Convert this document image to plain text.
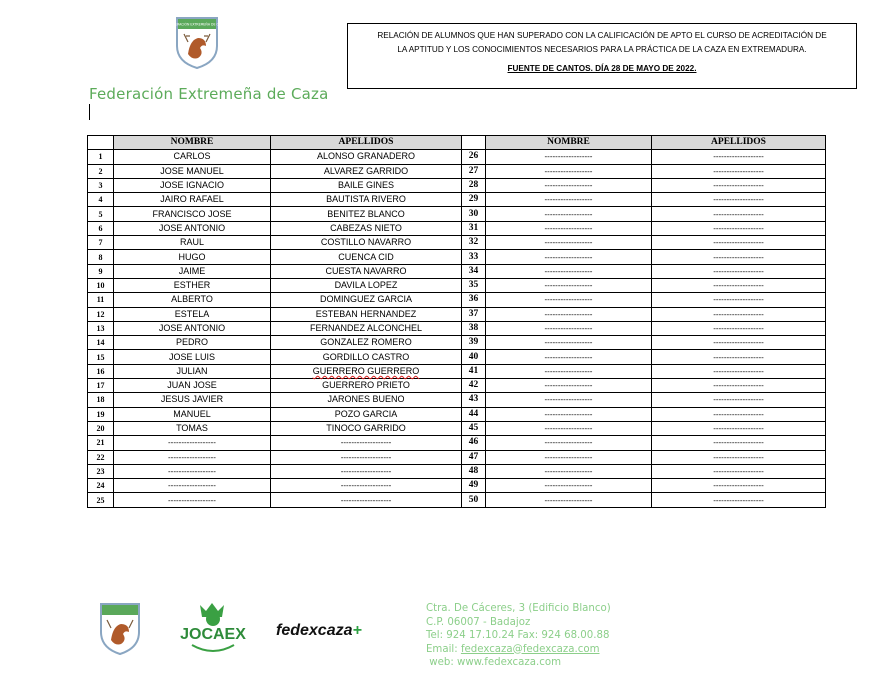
FEDERACIÓN EXTREMEÑA DE CAZA
Federación Extremeña de Caza
RELACIÓN DE ALUMNOS QUE HAN SUPERADO CON LA CALIFICACIÓN DE APTO EL CURSO DE ACREDITACIÓN DE
LA APTITUD Y LOS CONOCIMIENTOS NECESARIOS PARA LA PRÁCTICA DE LA CAZA EN EXTREMADURA.
FUENTE DE CANTOS. DÍA 28 DE MAYO DE 2022.
	NOMBRE	APELLIDOS		NOMBRE	APELLIDOS
1	CARLOS	ALONSO GRANADERO	26	------------------	-------------------
2	JOSE MANUEL	ALVAREZ GARRIDO	27	------------------	-------------------
3	JOSE IGNACIO	BAILE GINES	28	------------------	-------------------
4	JAIRO RAFAEL	BAUTISTA RIVERO	29	------------------	-------------------
5	FRANCISCO JOSE	BENITEZ BLANCO	30	------------------	-------------------
6	JOSE ANTONIO	CABEZAS NIETO	31	------------------	-------------------
7	RAUL	COSTILLO NAVARRO	32	------------------	-------------------
8	HUGO	CUENCA CID	33	------------------	-------------------
9	JAIME	CUESTA NAVARRO	34	------------------	-------------------
10	ESTHER	DAVILA LOPEZ	35	------------------	-------------------
11	ALBERTO	DOMINGUEZ GARCIA	36	------------------	-------------------
12	ESTELA	ESTEBAN HERNANDEZ	37	------------------	-------------------
13	JOSE ANTONIO	FERNANDEZ ALCONCHEL	38	------------------	-------------------
14	PEDRO	GONZALEZ ROMERO	39	------------------	-------------------
15	JOSE LUIS	GORDILLO CASTRO	40	------------------	-------------------
16	JULIAN	GUERRERO GUERRERO	41	------------------	-------------------
17	JUAN JOSE	GUERRERO PRIETO	42	------------------	-------------------
18	JESUS JAVIER	JARONES BUENO	43	------------------	-------------------
19	MANUEL	POZO GARCIA	44	------------------	-------------------
20	TOMAS	TINOCO GARRIDO	45	------------------	-------------------
21	------------------	-------------------	46	------------------	-------------------
22	------------------	-------------------	47	------------------	-------------------
23	------------------	-------------------	48	------------------	-------------------
24	------------------	-------------------	49	------------------	-------------------
25	------------------	-------------------	50	------------------	-------------------
JOCAEX fedexcaza+
Ctra. De Cáceres, 3 (Edificio Blanco)
C.P. 06007 - Badajoz
Tel: 924 17.10.24 Fax: 924 68.00.88
Email: fedexcaza@fedexcaza.com
web: www.fedexcaza.com
